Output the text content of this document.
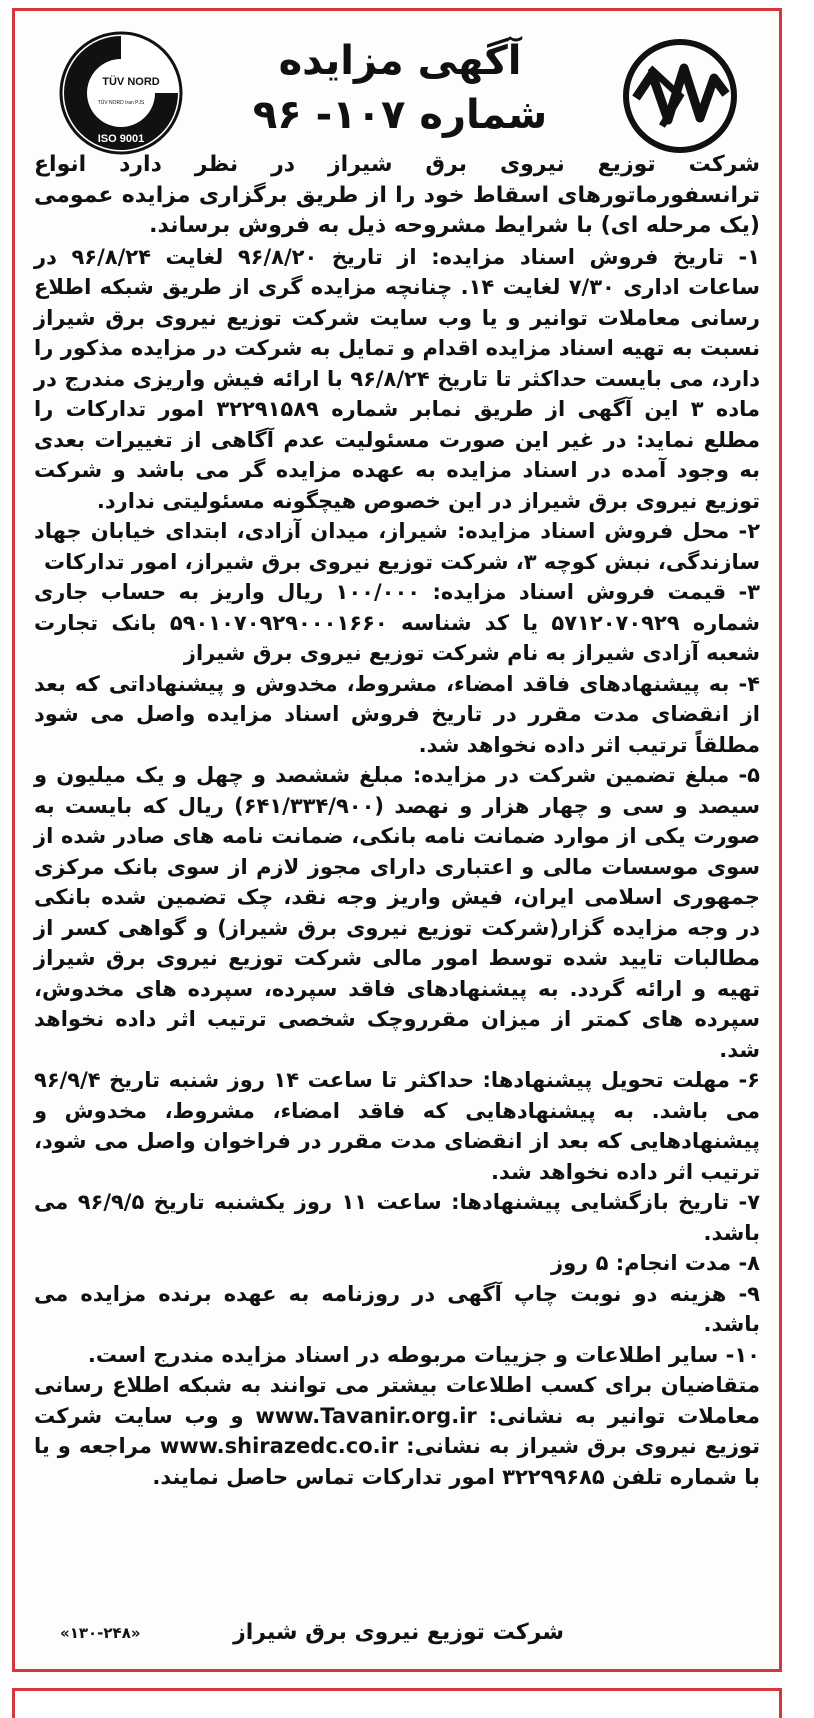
TÜV NORD
TÜV NORD Iran PJS
ISO 9001
آگهی مزایده
شماره ۱۰۷- ۹۶

شرکت توزیع نیروی برق شیراز در نظر دارد انواع ترانسفورماتورهای اسقاط خود را از طریق برگزاری مزایده عمومی (یک مرحله ای) با شرایط مشروحه ذیل به فروش برساند.

۱- تاریخ فروش اسناد مزایده: از تاریخ ۹۶/۸/۲۰ لغایت ۹۶/۸/۲۴ در ساعات اداری ۷/۳۰ لغایت ۱۴. چنانچه مزایده گری از طریق شبکه اطلاع رسانی معاملات توانیر و یا وب سایت شرکت توزیع نیروی برق شیراز نسبت به تهیه اسناد مزایده اقدام و تمایل به شرکت در مزایده مذکور را دارد، می بایست حداکثر تا تاریخ ۹۶/۸/۲۴ با ارائه فیش واریزی مندرج در ماده ۳ این آگهی از طریق نمابر شماره ۳۲۲۹۱۵۸۹ امور تدارکات را مطلع نماید: در غیر این صورت مسئولیت عدم آگاهی از تغییرات بعدی به وجود آمده در اسناد مزایده به عهده مزایده گر می باشد و شرکت توزیع نیروی برق شیراز در این خصوص هیچگونه مسئولیتی ندارد.

۲- محل فروش اسناد مزایده: شیراز، میدان آزادی، ابتدای خیابان جهاد سازندگی، نبش کوچه ۳، شرکت توزیع نیروی برق شیراز، امور تدارکات

۳- قیمت فروش اسناد مزایده: ۱۰۰/۰۰۰ ریال واریز به حساب جاری شماره ۵۷۱۲۰۷۰۹۲۹ یا کد شناسه ۵۹۰۱۰۷۰۹۲۹۰۰۰۱۶۶۰ بانک تجارت شعبه آزادی شیراز به نام شرکت توزیع نیروی برق شیراز

۴- به پیشنهادهای فاقد امضاء، مشروط، مخدوش و پیشنهاداتی که بعد از انقضای مدت مقرر در تاریخ فروش اسناد مزایده واصل می شود مطلقاً ترتیب اثر داده نخواهد شد.

۵- مبلغ تضمین شرکت در مزایده: مبلغ ششصد و چهل و یک میلیون و سیصد و سی و چهار هزار و نهصد (۶۴۱/۳۳۴/۹۰۰) ریال که بایست به صورت یکی از موارد ضمانت نامه بانکی، ضمانت نامه های صادر شده از سوی موسسات مالی و اعتباری دارای مجوز لازم از سوی بانک مرکزی جمهوری اسلامی ایران، فیش واریز وجه نقد، چک تضمین شده بانکی در وجه مزایده گزار(شرکت توزیع نیروی برق شیراز) و گواهی کسر از مطالبات تایید شده توسط امور مالی شرکت توزیع نیروی برق شیراز تهیه و ارائه گردد. به پیشنهادهای فاقد سپرده، سپرده های مخدوش، سپرده های کمتر از میزان مقرروچک شخصی ترتیب اثر داده نخواهد شد.

۶- مهلت تحویل پیشنهادها: حداکثر تا ساعت ۱۴ روز شنبه تاریخ ۹۶/۹/۴ می باشد. به پیشنهادهایی که فاقد امضاء، مشروط، مخدوش و پیشنهادهایی که بعد از انقضای مدت مقرر در فراخوان واصل می شود، ترتیب اثر داده نخواهد شد.

۷- تاریخ بازگشایی پیشنهادها: ساعت ۱۱ روز یکشنبه تاریخ ۹۶/۹/۵ می باشد.

۸- مدت انجام: ۵ روز

۹- هزینه دو نوبت چاپ آگهی در روزنامه به عهده برنده مزایده می باشد.

۱۰- سایر اطلاعات و جزییات مربوطه در اسناد مزایده مندرج است.

متقاضیان برای کسب اطلاعات بیشتر می توانند به شبکه اطلاع رسانی معاملات توانیر به نشانی: www.Tavanir.org.ir و وب سایت شرکت توزیع نیروی برق شیراز به نشانی: www.shirazedc.co.ir مراجعه و یا با شماره تلفن ۳۲۲۹۹۶۸۵ امور تدارکات تماس حاصل نمایند.

«۱۳۰-۲۴۸»	شرکت توزیع نیروی برق شیراز
